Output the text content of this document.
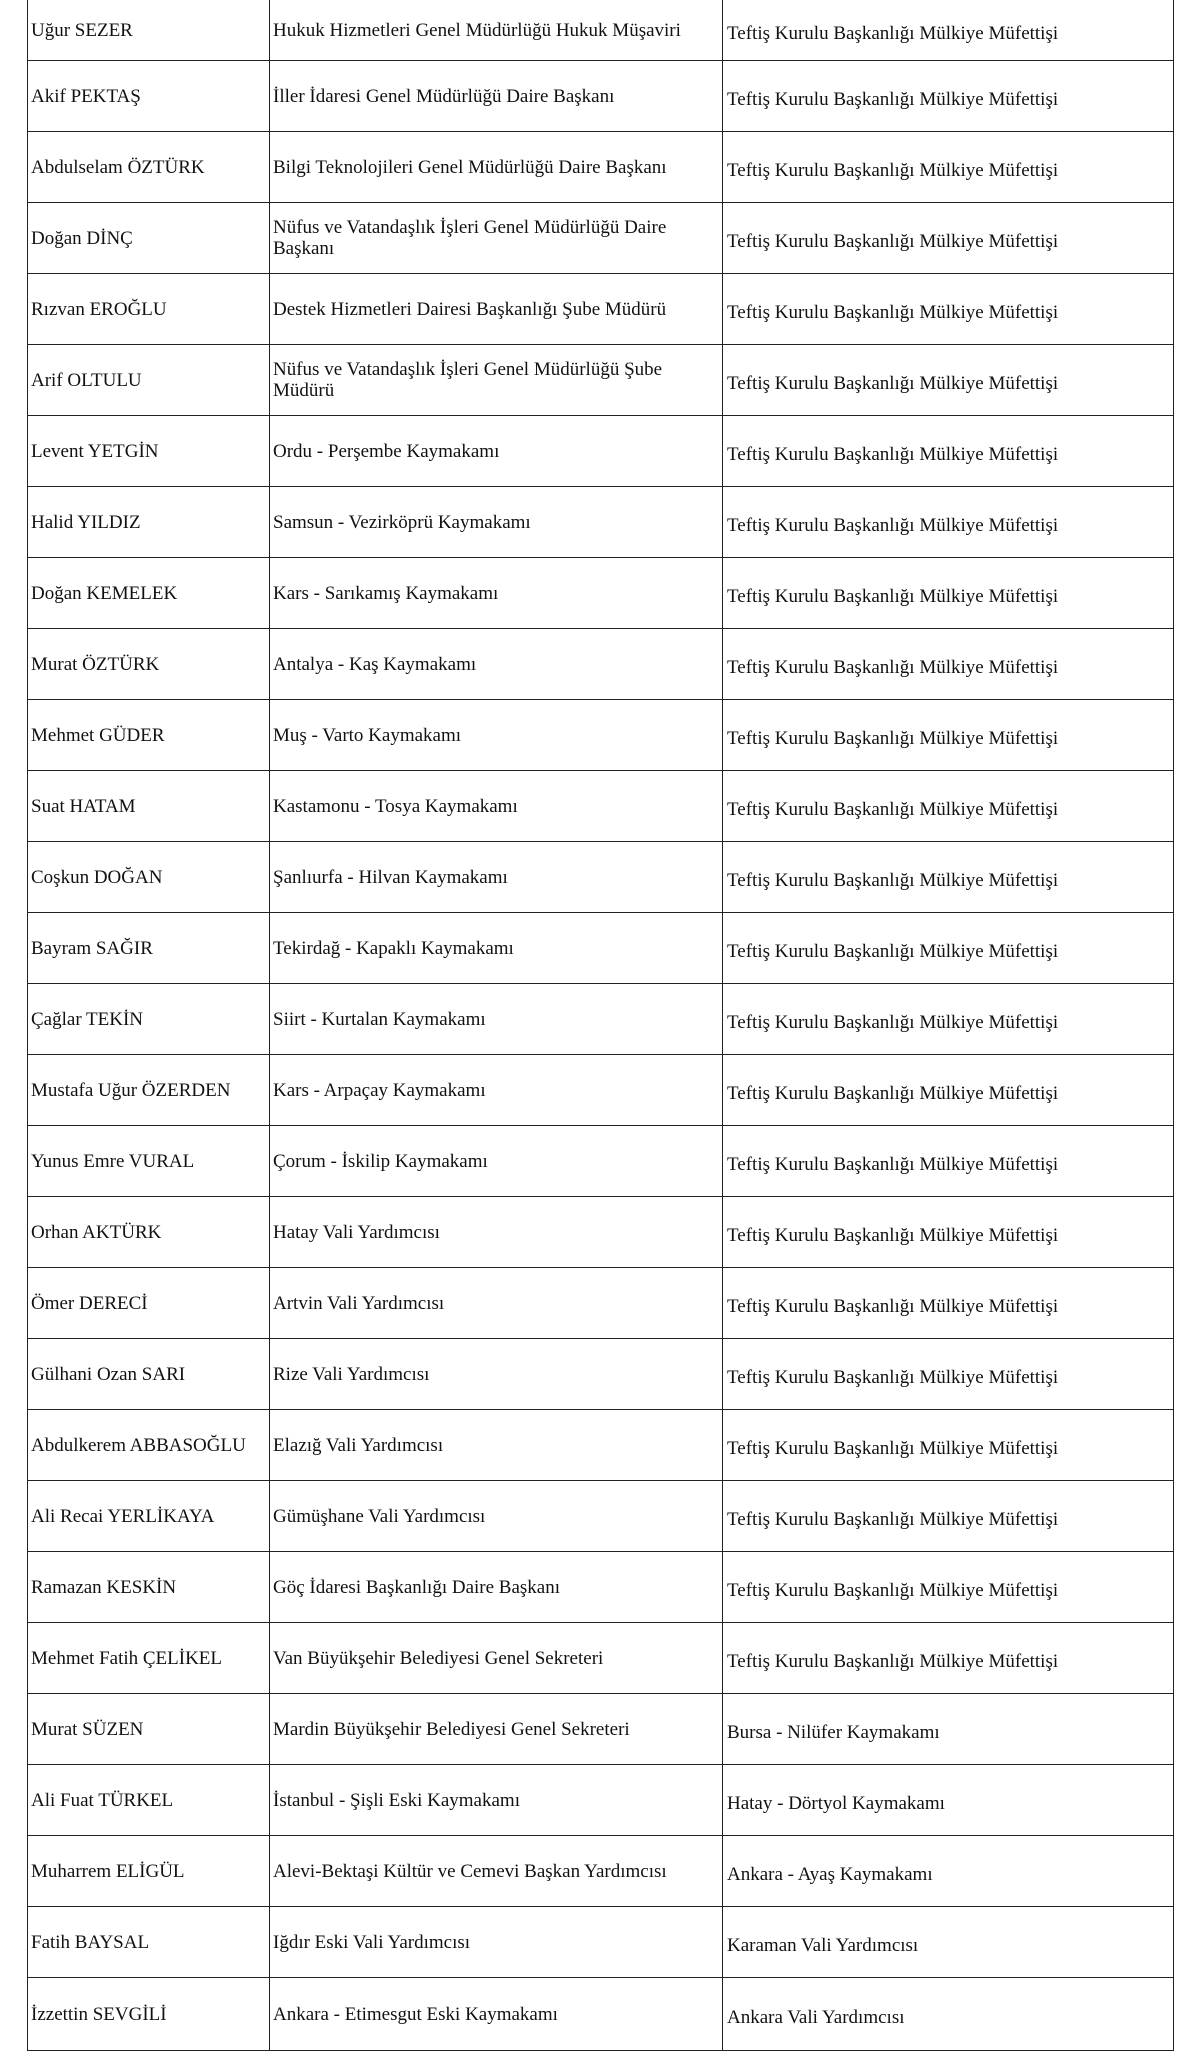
Uğur SEZER	Hukuk Hizmetleri Genel Müdürlüğü Hukuk Müşaviri	Teftiş Kurulu Başkanlığı Mülkiye Müfettişi
Akif PEKTAŞ	İller İdaresi Genel Müdürlüğü Daire Başkanı	Teftiş Kurulu Başkanlığı Mülkiye Müfettişi
Abdulselam ÖZTÜRK	Bilgi Teknolojileri Genel Müdürlüğü Daire Başkanı	Teftiş Kurulu Başkanlığı Mülkiye Müfettişi
Doğan DİNÇ	Nüfus ve Vatandaşlık İşleri Genel Müdürlüğü Daire Başkanı	Teftiş Kurulu Başkanlığı Mülkiye Müfettişi
Rızvan EROĞLU	Destek Hizmetleri Dairesi Başkanlığı Şube Müdürü	Teftiş Kurulu Başkanlığı Mülkiye Müfettişi
Arif OLTULU	Nüfus ve Vatandaşlık İşleri Genel Müdürlüğü Şube Müdürü	Teftiş Kurulu Başkanlığı Mülkiye Müfettişi
Levent YETGİN	Ordu - Perşembe Kaymakamı	Teftiş Kurulu Başkanlığı Mülkiye Müfettişi
Halid YILDIZ	Samsun - Vezirköprü Kaymakamı	Teftiş Kurulu Başkanlığı Mülkiye Müfettişi
Doğan KEMELEK	Kars - Sarıkamış Kaymakamı	Teftiş Kurulu Başkanlığı Mülkiye Müfettişi
Murat ÖZTÜRK	Antalya - Kaş Kaymakamı	Teftiş Kurulu Başkanlığı Mülkiye Müfettişi
Mehmet GÜDER	Muş - Varto Kaymakamı	Teftiş Kurulu Başkanlığı Mülkiye Müfettişi
Suat HATAM	Kastamonu - Tosya Kaymakamı	Teftiş Kurulu Başkanlığı Mülkiye Müfettişi
Coşkun DOĞAN	Şanlıurfa - Hilvan Kaymakamı	Teftiş Kurulu Başkanlığı Mülkiye Müfettişi
Bayram SAĞIR	Tekirdağ - Kapaklı Kaymakamı	Teftiş Kurulu Başkanlığı Mülkiye Müfettişi
Çağlar TEKİN	Siirt - Kurtalan Kaymakamı	Teftiş Kurulu Başkanlığı Mülkiye Müfettişi
Mustafa Uğur ÖZERDEN	Kars - Arpaçay Kaymakamı	Teftiş Kurulu Başkanlığı Mülkiye Müfettişi
Yunus Emre VURAL	Çorum - İskilip Kaymakamı	Teftiş Kurulu Başkanlığı Mülkiye Müfettişi
Orhan AKTÜRK	Hatay Vali Yardımcısı	Teftiş Kurulu Başkanlığı Mülkiye Müfettişi
Ömer DERECİ	Artvin Vali Yardımcısı	Teftiş Kurulu Başkanlığı Mülkiye Müfettişi
Gülhani Ozan SARI	Rize Vali Yardımcısı	Teftiş Kurulu Başkanlığı Mülkiye Müfettişi
Abdulkerem ABBASOĞLU	Elazığ Vali Yardımcısı	Teftiş Kurulu Başkanlığı Mülkiye Müfettişi
Ali Recai YERLİKAYA	Gümüşhane Vali Yardımcısı	Teftiş Kurulu Başkanlığı Mülkiye Müfettişi
Ramazan KESKİN	Göç İdaresi Başkanlığı Daire Başkanı	Teftiş Kurulu Başkanlığı Mülkiye Müfettişi
Mehmet Fatih ÇELİKEL	Van Büyükşehir Belediyesi Genel Sekreteri	Teftiş Kurulu Başkanlığı Mülkiye Müfettişi
Murat SÜZEN	Mardin Büyükşehir Belediyesi Genel Sekreteri	Bursa - Nilüfer Kaymakamı
Ali Fuat TÜRKEL	İstanbul - Şişli Eski Kaymakamı	Hatay - Dörtyol Kaymakamı
Muharrem ELİGÜL	Alevi-Bektaşi Kültür ve Cemevi Başkan Yardımcısı	Ankara - Ayaş Kaymakamı
Fatih BAYSAL	Iğdır Eski Vali Yardımcısı	Karaman Vali Yardımcısı
İzzettin SEVGİLİ	Ankara - Etimesgut Eski Kaymakamı	Ankara Vali Yardımcısı
